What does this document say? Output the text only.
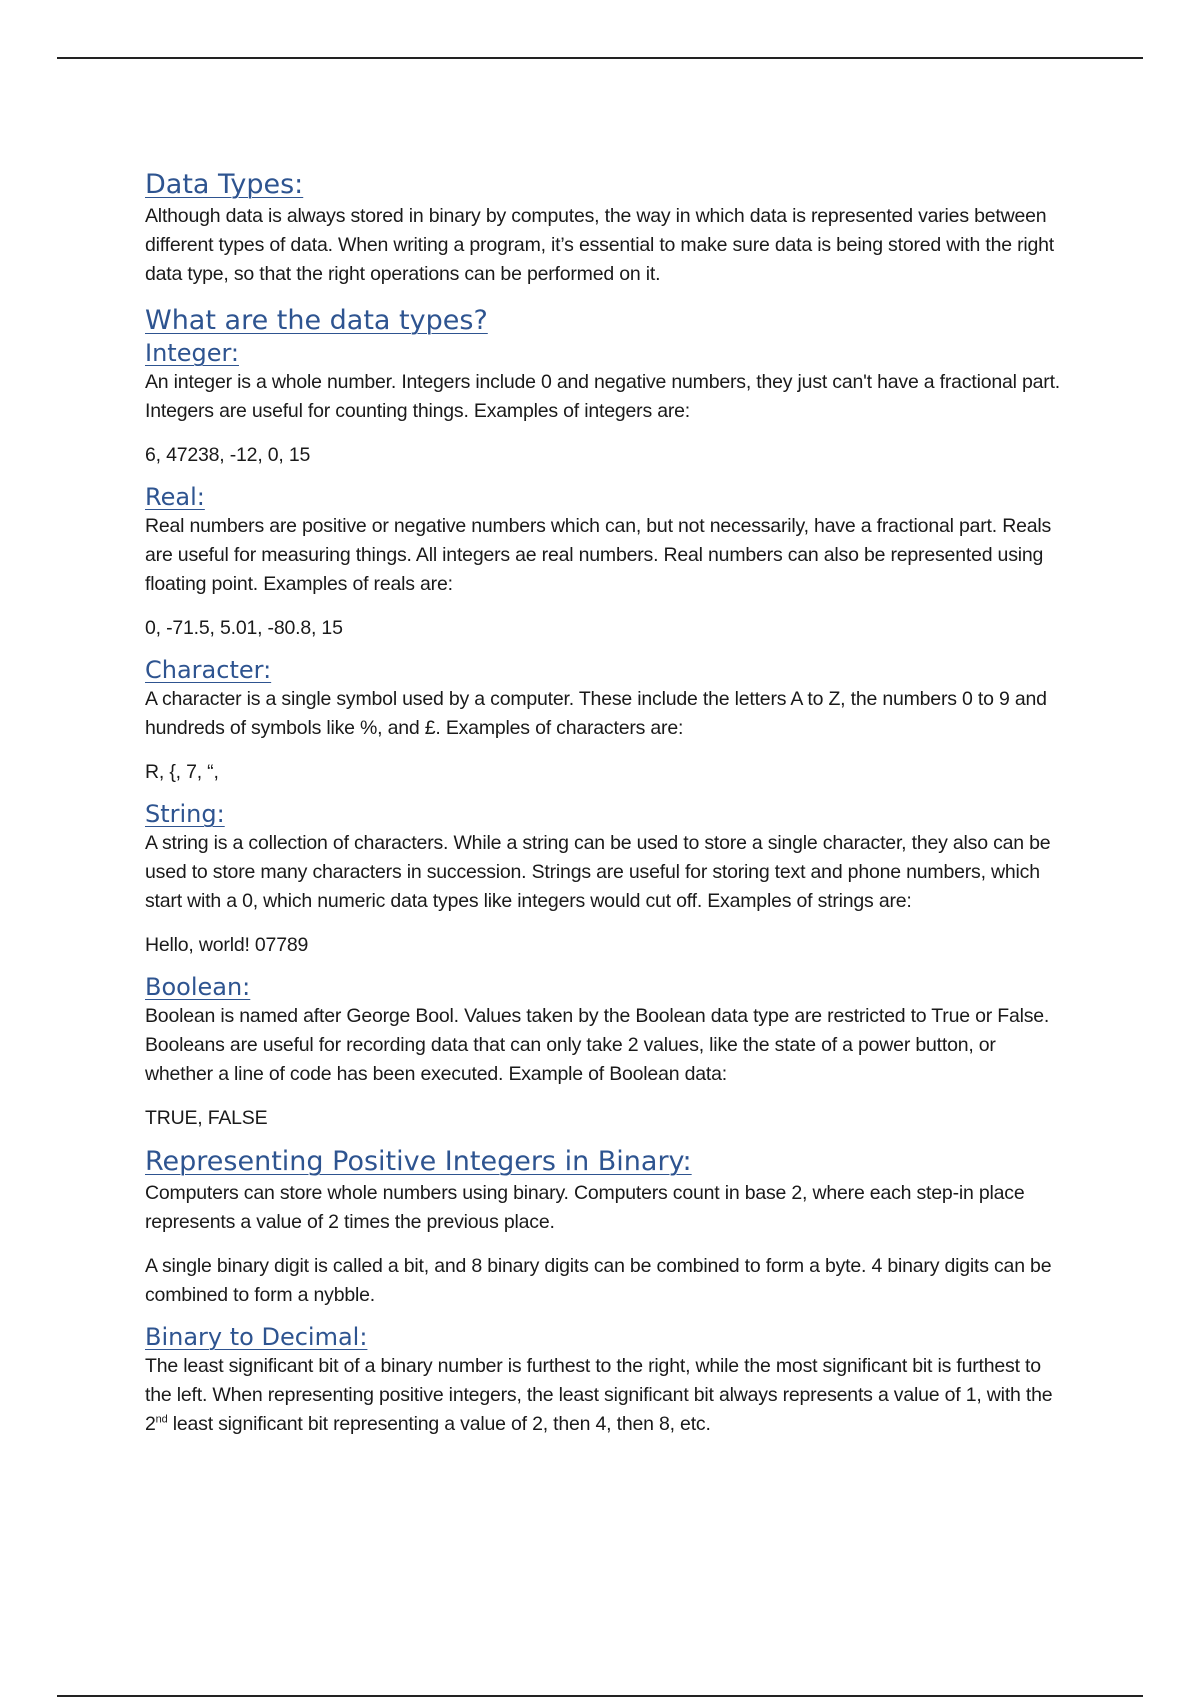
Data Types:

Although data is always stored in binary by computes, the way in which data is represented varies between different types of data. When writing a program, it’s essential to make sure data is being stored with the right data type, so that the right operations can be performed on it.

What are the data types?
Integer:

An integer is a whole number. Integers include 0 and negative numbers, they just can't have a fractional part. Integers are useful for counting things. Examples of integers are:

6, 47238, -12, 0, 15

Real:

Real numbers are positive or negative numbers which can, but not necessarily, have a fractional part. Reals are useful for measuring things. All integers ae real numbers. Real numbers can also be represented using floating point. Examples of reals are:

0, -71.5, 5.01, -80.8, 15

Character:

A character is a single symbol used by a computer. These include the letters A to Z, the numbers 0 to 9 and hundreds of symbols like %, and £. Examples of characters are:

R, {, 7, “,

String:

A string is a collection of characters. While a string can be used to store a single character, they also can be used to store many characters in succession. Strings are useful for storing text and phone numbers, which start with a 0, which numeric data types like integers would cut off. Examples of strings are:

Hello, world! 07789

Boolean:

Boolean is named after George Bool. Values taken by the Boolean data type are restricted to True or False. Booleans are useful for recording data that can only take 2 values, like the state of a power button, or whether a line of code has been executed. Example of Boolean data:

TRUE, FALSE

Representing Positive Integers in Binary:

Computers can store whole numbers using binary. Computers count in base 2, where each step-in place represents a value of 2 times the previous place.

A single binary digit is called a bit, and 8 binary digits can be combined to form a byte. 4 binary digits can be combined to form a nybble.

Binary to Decimal:

The least significant bit of a binary number is furthest to the right, while the most significant bit is furthest to the left. When representing positive integers, the least significant bit always represents a value of 1, with the 2nd least significant bit representing a value of 2, then 4, then 8, etc.
